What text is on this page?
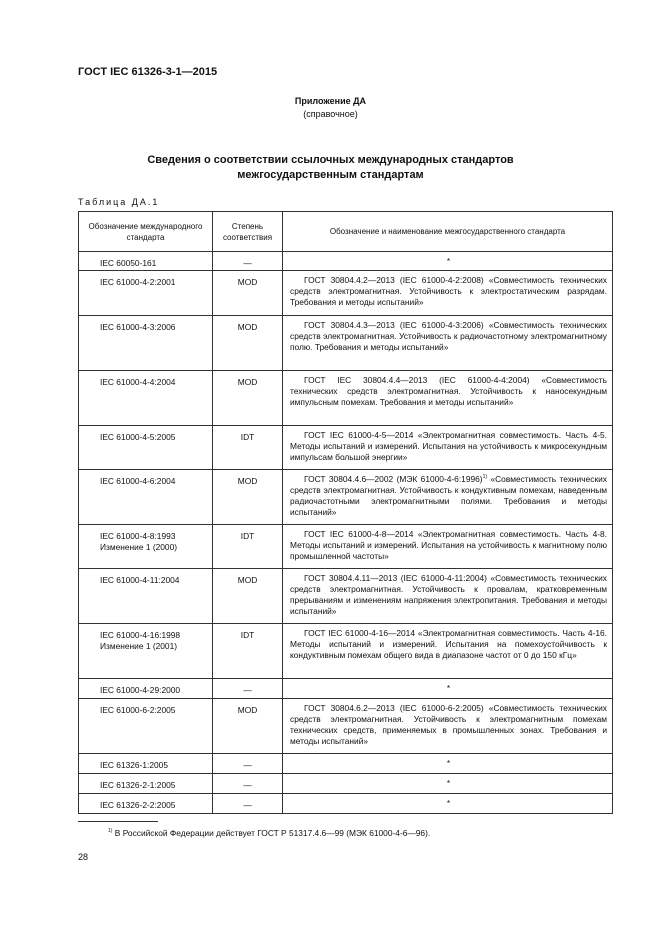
ГОСТ IEC 61326-3-1—2015
Приложение ДА
(справочное)
Сведения о соответствии ссылочных международных стандартов
межгосударственным стандартам
Таблица ДА.1
Обозначение международного стандарта	Степень соответствия	Обозначение и наименование межгосударственного стандарта
IEC 60050-161	—	*
IEC 61000-4-2:2001	MOD	ГОСТ 30804.4.2—2013 (IEC 61000-4-2:2008) «Совместимость технических средств электромагнитная. Устойчивость к электростатическим разрядам. Требования и методы испытаний»
IEC 61000-4-3:2006	MOD	ГОСТ 30804.4.3—2013 (IEC 61000-4-3:2006) «Совместимость технических средств электромагнитная. Устойчивость к радиочастотному электромагнитному полю. Требования и методы испытаний»
IEC 61000-4-4:2004	MOD	ГОСТ IEC 30804.4.4—2013 (IEC 61000-4-4:2004) «Совместимость технических средств электромагнитная. Устойчивость к наносекундным импульсным помехам. Требования и методы испытаний»
IEC 61000-4-5:2005	IDT	ГОСТ IEC 61000-4-5—2014 «Электромагнитная совместимость. Часть 4-5. Методы испытаний и измерений. Испытания на устойчивость к микросекундным импульсам большой энергии»
IEC 61000-4-6:2004	MOD	ГОСТ 30804.4.6—2002 (МЭК 61000-4-6:1996)$^{1)}$ «Совместимость технических средств электромагнитная. Устойчивость к кондуктивным помехам, наведенным радиочастотными электромагнитными полями. Требования и методы испытаний»
IEC 61000-4-8:1993
Изменение 1 (2000)	IDT	ГОСТ IEC 61000-4-8—2014 «Электромагнитная совместимость. Часть 4-8. Методы испытаний и измерений. Испытания на устойчивость к магнитному полю промышленной частоты»
IEC 61000-4-11:2004	MOD	ГОСТ 30804.4.11—2013 (IEC 61000-4-11:2004) «Совместимость технических средств электромагнитная. Устойчивость к провалам, кратковременным прерываниям и изменениям напряжения электропитания. Требования и методы испытаний»
IEC 61000-4-16:1998
Изменение 1 (2001)	IDT	ГОСТ IEC 61000-4-16—2014 «Электромагнитная совместимость. Часть 4-16. Методы испытаний и измерений. Испытания на помехоустойчивость к кондуктивным помехам общего вида в диапазоне частот от 0 до 150 кГц»
IEC 61000-4-29:2000	—	*
IEC 61000-6-2:2005	MOD	ГОСТ 30804.6.2—2013 (IEC 61000-6-2:2005) «Совместимость технических средств электромагнитная. Устойчивость к электромагнитным помехам технических средств, применяемых в промышленных зонах. Требования и методы испытаний»
IEC 61326-1:2005	—	*
IEC 61326-2-1:2005	—	*
IEC 61326-2-2:2005	—	*
$^{1)}$ В Российской Федерации действует ГОСТ Р 51317.4.6—99 (МЭК 61000-4-6—96).
28
